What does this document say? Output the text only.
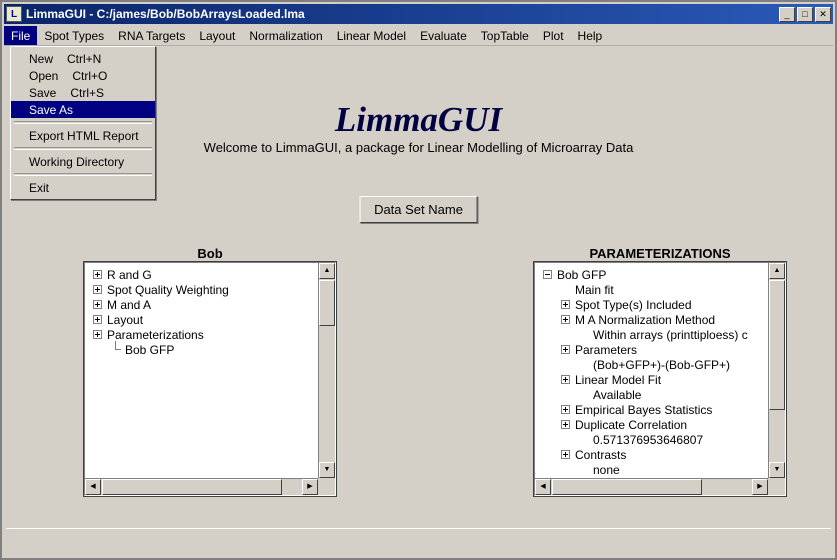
L LimmaGUI - C:/james/Bob/BobArraysLoaded.lma	_	□	✕
File	Spot Types	RNA Targets	Layout	Normalization	Linear Model	Evaluate	TopTable	Plot	Help
LimmaGUI
Welcome to LimmaGUI, a package for Linear Modelling of Microarray Data
Data Set Name
Bob
R and G
Spot Quality Weighting
M and A
Layout
Parameterizations
Bob GFP
▲
▼
◀	▶
PARAMETERIZATIONS
Bob GFP
Main fit
Spot Type(s) Included
M A Normalization Method
Within arrays (printtiploess) c
Parameters
(Bob+GFP+)-(Bob-GFP+)
Linear Model Fit
Available
Empirical Bayes Statistics
Duplicate Correlation
0.571376953646807
Contrasts
none
▲
▼
◀	▶
New Ctrl+N
Open Ctrl+O
Save Ctrl+S
Save As
Export HTML Report
Working Directory
Exit
